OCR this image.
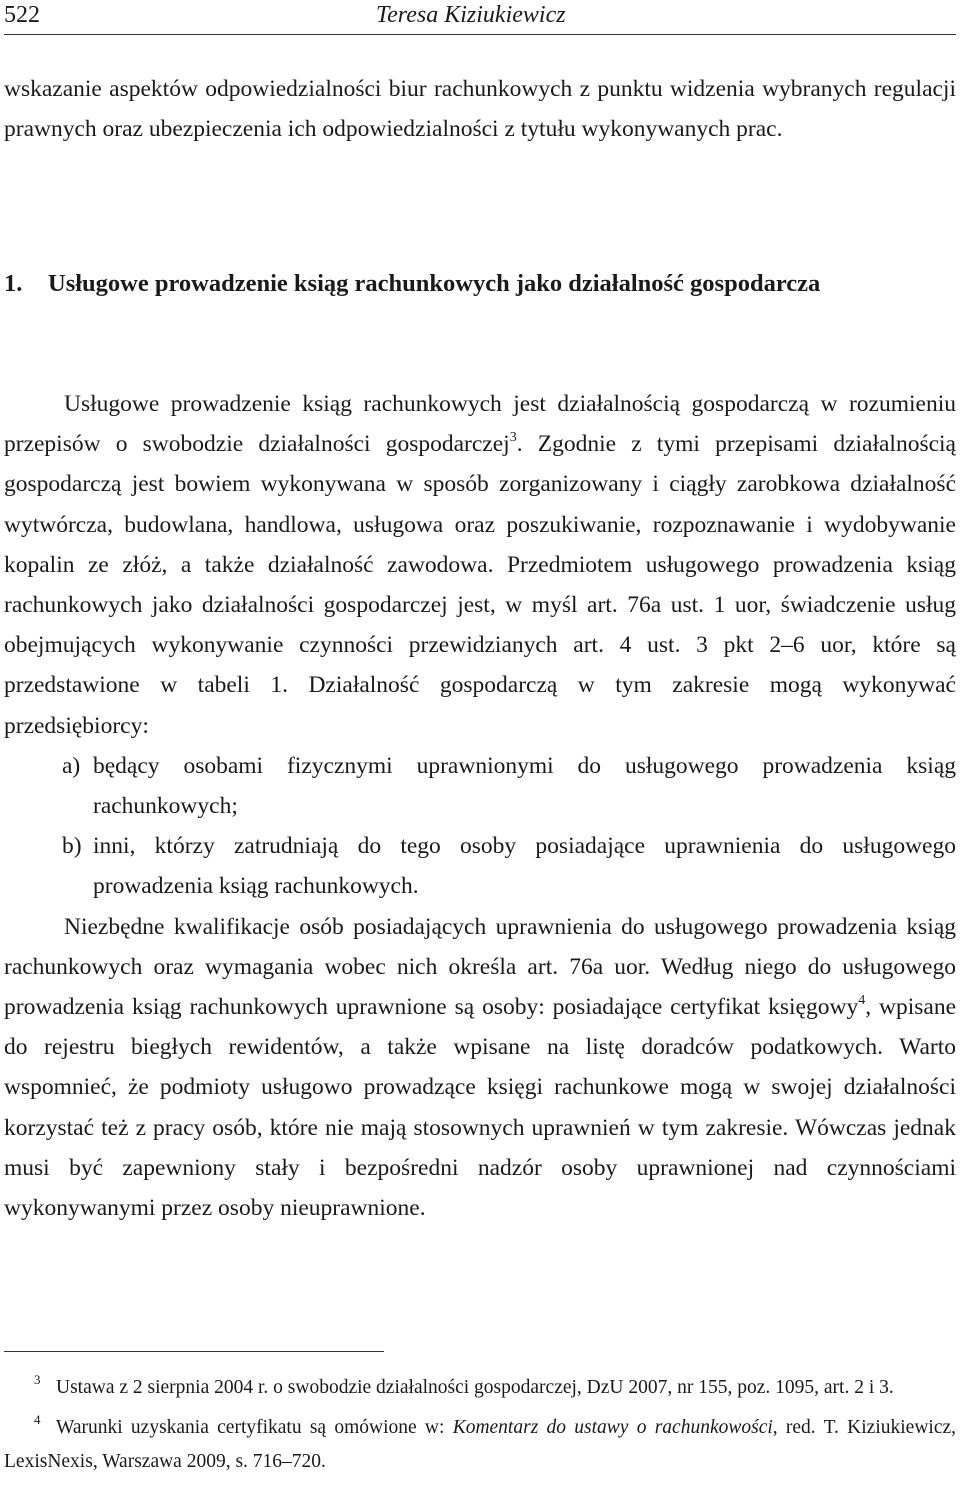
522	Teresa Kiziukiewicz

wskazanie aspektów odpowiedzialności biur rachunkowych z punktu widzenia wybranych regulacji prawnych oraz ubezpieczenia ich odpowiedzialności z tytułu wykonywanych prac.

1.	Usługowe prowadzenie ksiąg rachunkowych jako działalność gospodarcza

Usługowe prowadzenie ksiąg rachunkowych jest działalnością gospodarczą w rozumieniu przepisów o swobodzie działalności gospodarczej$^3$. Zgodnie z tymi przepisami działalnością gospodarczą jest bowiem wykonywana w sposób zorganizowany i ciągły zarobkowa działalność wytwórcza, budowlana, handlowa, usługowa oraz poszukiwanie, rozpoznawanie i wydobywanie kopalin ze złóż, a także działalność zawodowa. Przedmiotem usługowego prowadzenia ksiąg rachunkowych jako działalności gospodarczej jest, w myśl art. 76a ust. 1 uor, świadczenie usług obejmujących wykonywanie czynności przewidzianych art. 4 ust. 3 pkt 2–6 uor, które są przedstawione w tabeli 1. Działalność gospodarczą w tym zakresie mogą wykonywać przedsiębiorcy:

a) będący osobami fizycznymi uprawnionymi do usługowego prowadzenia ksiąg rachunkowych;
b) inni, którzy zatrudniają do tego osoby posiadające uprawnienia do usługowego prowadzenia ksiąg rachunkowych.

Niezbędne kwalifikacje osób posiadających uprawnienia do usługowego prowadzenia ksiąg rachunkowych oraz wymagania wobec nich określa art. 76a uor. Według niego do usługowego prowadzenia ksiąg rachunkowych uprawnione są osoby: posiadające certyfikat księgowy$^4$, wpisane do rejestru biegłych rewidentów, a także wpisane na listę doradców podatkowych. Warto wspomnieć, że podmioty usługowo prowadzące księgi rachunkowe mogą w swojej działalności korzystać też z pracy osób, które nie mają stosownych uprawnień w tym zakresie. Wówczas jednak musi być zapewniony stały i bezpośredni nadzór osoby uprawnionej nad czynnościami wykonywanymi przez osoby nieuprawnione.

3 Ustawa z 2 sierpnia 2004 r. o swobodzie działalności gospodarczej, DzU 2007, nr 155, poz. 1095, art. 2 i 3.

4 Warunki uzyskania certyfikatu są omówione w: Komentarz do ustawy o rachunkowości, red. T. Kiziukiewicz, LexisNexis, Warszawa 2009, s. 716–720.
